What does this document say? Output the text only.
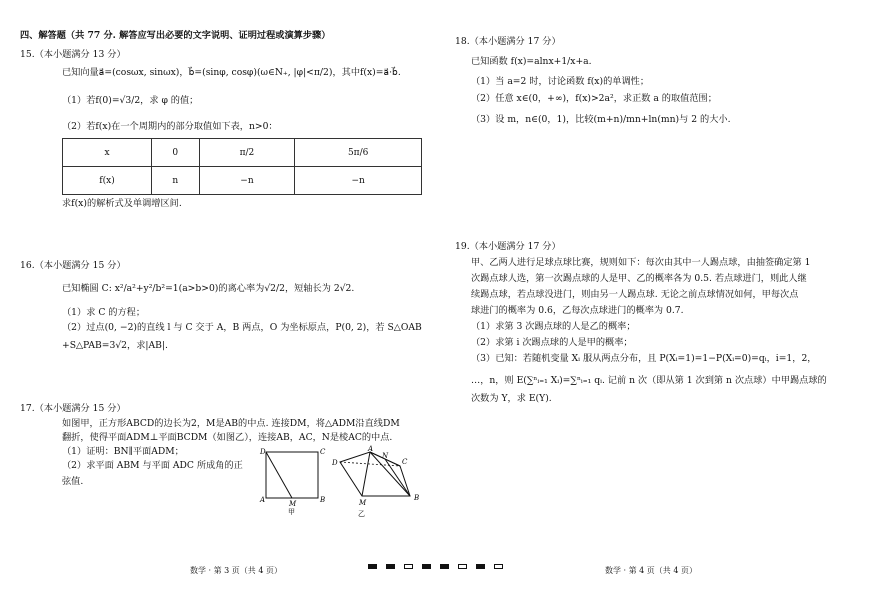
四、解答题（共 77 分. 解答应写出必要的文字说明、证明过程或演算步骤）
15.（本小题满分 13 分）
已知向量a⃗=(cosωx, sinωx)，b⃗=(sinφ, cosφ)(ω∈N₊, |φ|<π/2)，其中f(x)=a⃗·b⃗.
（1）若f(0)=√3/2，求 φ 的值；
（2）若f(x)在一个周期内的部分取值如下表，n>0：
x	0	π/2	5π/6
f(x)	n	−n	−n
求f(x)的解析式及单调增区间.
16.（本小题满分 15 分）
已知椭圆 C: x²/a²+y²/b²=1(a>b>0)的离心率为√2/2，短轴长为 2√2.
（1）求 C 的方程；
（2）过点(0, −2)的直线 l 与 C 交于 A，B 两点，O 为坐标原点，P(0, 2)，若 S△OAB
+S△PAB=3√2，求|AB|.
17.（本小题满分 15 分）
如图甲，正方形ABCD的边长为2，M是AB的中点. 连接DM，将△ADM沿直线DM
翻折，使得平面ADM⊥平面BCDM（如图乙），连接AB，AC，N是棱AC的中点.
（1）证明：BN∥平面ADM；
（2）求平面 ABM 与平面 ADC 所成角的正
弦值.
D	C
A	M	B
甲
D
A
N
C
M
B
乙
数学 · 第 3 页（共 4 页）
18.（本小题满分 17 分）
已知函数 f(x)=alnx+1/x+a.
（1）当 a=2 时，讨论函数 f(x)的单调性；
（2）任意 x∈(0，+∞)，f(x)>2a²，求正数 a 的取值范围；
（3）设 m，n∈(0，1)，比较(m+n)/mn+ln(mn)与 2 的大小.
19.（本小题满分 17 分）
甲、乙两人进行足球点球比赛，规则如下：每次由其中一人踢点球，由抽签确定第 1
次踢点球人选，第一次踢点球的人是甲、乙的概率各为 0.5. 若点球进门，则此人继
续踢点球，若点球没进门，则由另一人踢点球. 无论之前点球情况如何，甲每次点
球进门的概率为 0.6，乙每次点球进门的概率为 0.7.
（1）求第 3 次踢点球的人是乙的概率；
（2）求第 i 次踢点球的人是甲的概率；
（3）已知：若随机变量 Xᵢ 服从两点分布，且 P(Xᵢ=1)=1−P(Xᵢ=0)=qᵢ，i=1，2，
…，n，则 E(∑ⁿᵢ₌₁ Xᵢ)=∑ⁿᵢ₌₁ qᵢ. 记前 n 次（即从第 1 次到第 n 次点球）中甲踢点球的
次数为 Y，求 E(Y).
数学 · 第 4 页（共 4 页）
